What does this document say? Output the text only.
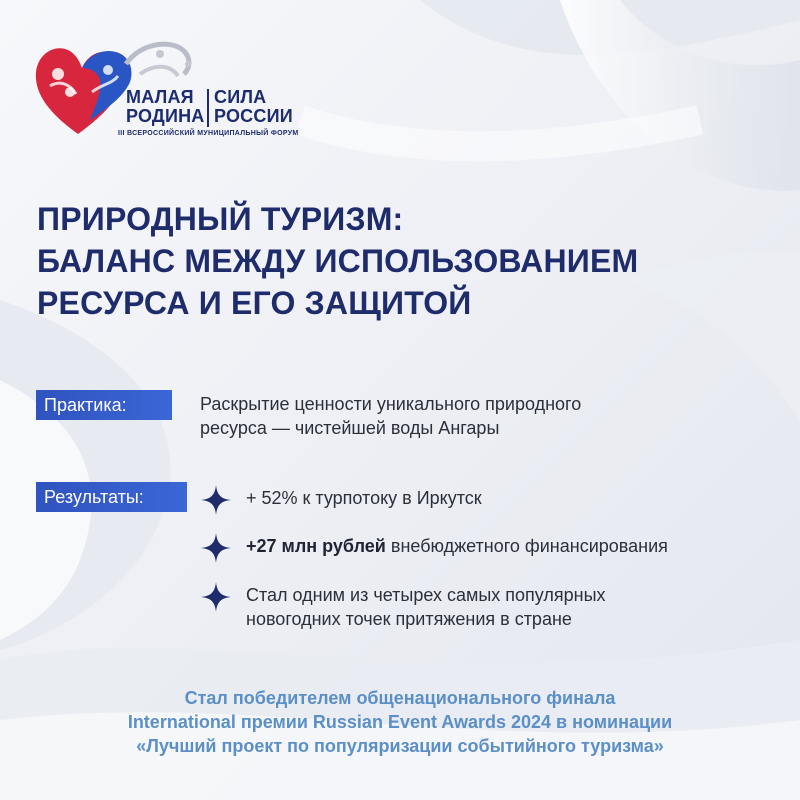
МАЛАЯ
РОДИНА
СИЛА
РОССИИ
III ВСЕРОССИЙСКИЙ МУНИЦИПАЛЬНЫЙ ФОРУМ
ПРИРОДНЫЙ ТУРИЗМ:
БАЛАНС МЕЖДУ ИСПОЛЬЗОВАНИЕМ
РЕСУРСА И ЕГО ЗАЩИТОЙ
Практика:	Раскрытие ценности уникального природного
ресурса — чистейшей воды Ангары
Результаты:	+ 52% к турпотоку в Иркутск
+27 млн рублей внебюджетного финансирования
Стал одним из четырех самых популярных
новогодних точек притяжения в стране
Стал победителем общенационального финала
International премии Russian Event Awards 2024 в номинации
«Лучший проект по популяризации событийного туризма»
